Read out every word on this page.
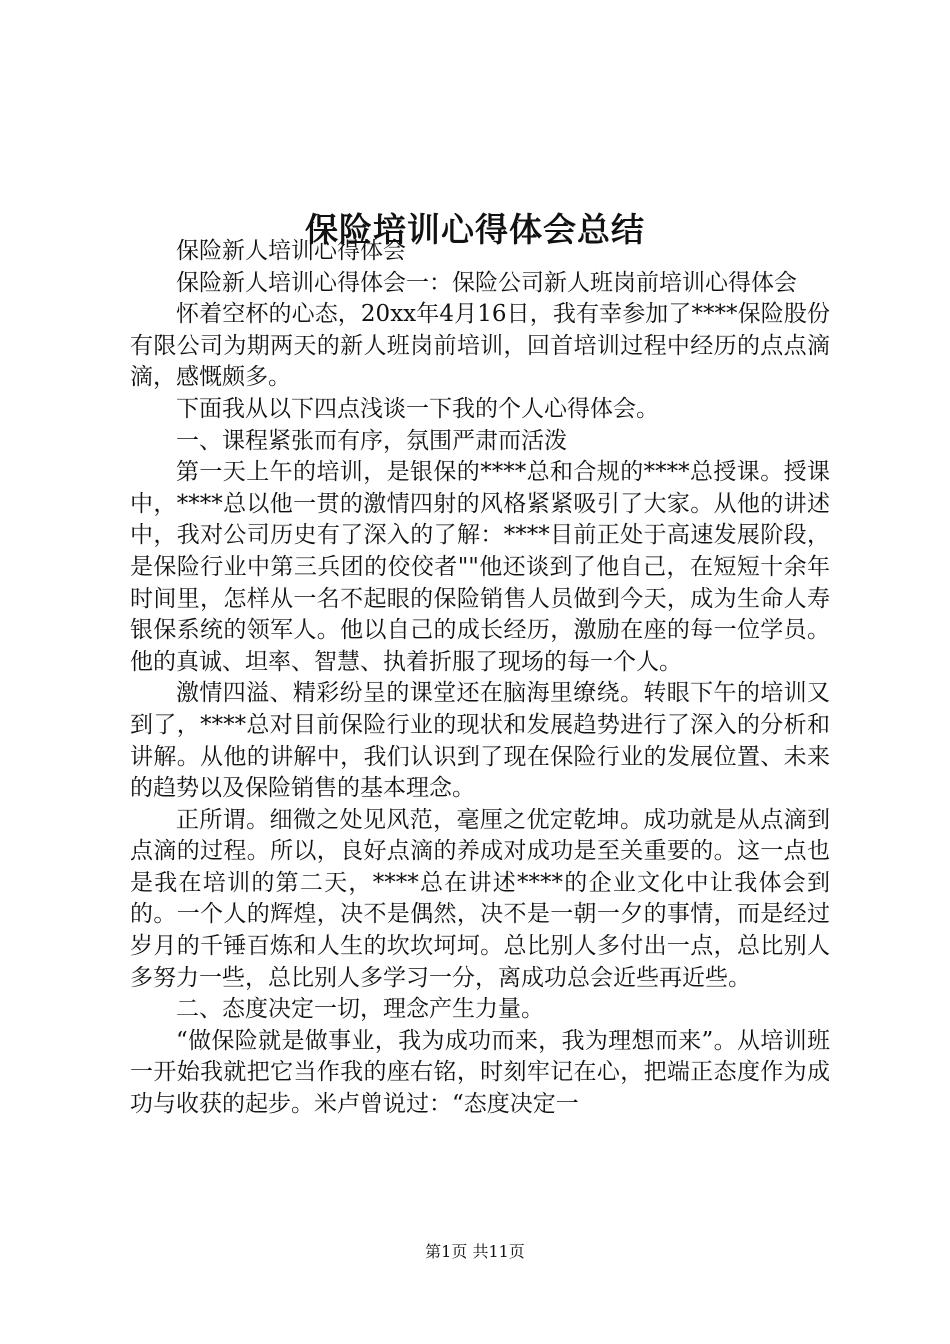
保险培训心得体会总结

保险新人培训心得体会

保险新人培训心得体会一：保险公司新人班岗前培训心得体会

怀着空杯的心态，20xx年4月16日，我有幸参加了****保险股份有限公司为期两天的新人班岗前培训，回首培训过程中经历的点点滴滴，感慨颇多。

下面我从以下四点浅谈一下我的个人心得体会。

一、课程紧张而有序，氛围严肃而活泼

第一天上午的培训，是银保的****总和合规的****总授课。授课中，****总以他一贯的激情四射的风格紧紧吸引了大家。从他的讲述中，我对公司历史有了深入的了解：****目前正处于高速发展阶段，是保险行业中第三兵团的佼佼者""他还谈到了他自己，在短短十余年时间里，怎样从一名不起眼的保险销售人员做到今天，成为生命人寿银保系统的领军人。他以自己的成长经历，激励在座的每一位学员。他的真诚、坦率、智慧、执着折服了现场的每一个人。

激情四溢、精彩纷呈的课堂还在脑海里缭绕。转眼下午的培训又到了，****总对目前保险行业的现状和发展趋势进行了深入的分析和讲解。从他的讲解中，我们认识到了现在保险行业的发展位置、未来的趋势以及保险销售的基本理念。

正所谓。细微之处见风范，毫厘之优定乾坤。成功就是从点滴到点滴的过程。所以，良好点滴的养成对成功是至关重要的。这一点也是我在培训的第二天，****总在讲述****的企业文化中让我体会到的。一个人的辉煌，决不是偶然，决不是一朝一夕的事情，而是经过岁月的千锤百炼和人生的坎坎坷坷。总比别人多付出一点，总比别人多努力一些，总比别人多学习一分，离成功总会近些再近些。

二、态度决定一切，理念产生力量。

“做保险就是做事业，我为成功而来，我为理想而来”。从培训班一开始我就把它当作我的座右铭，时刻牢记在心，把端正态度作为成功与收获的起步。米卢曾说过：“态度决定一

第1页 共11页
